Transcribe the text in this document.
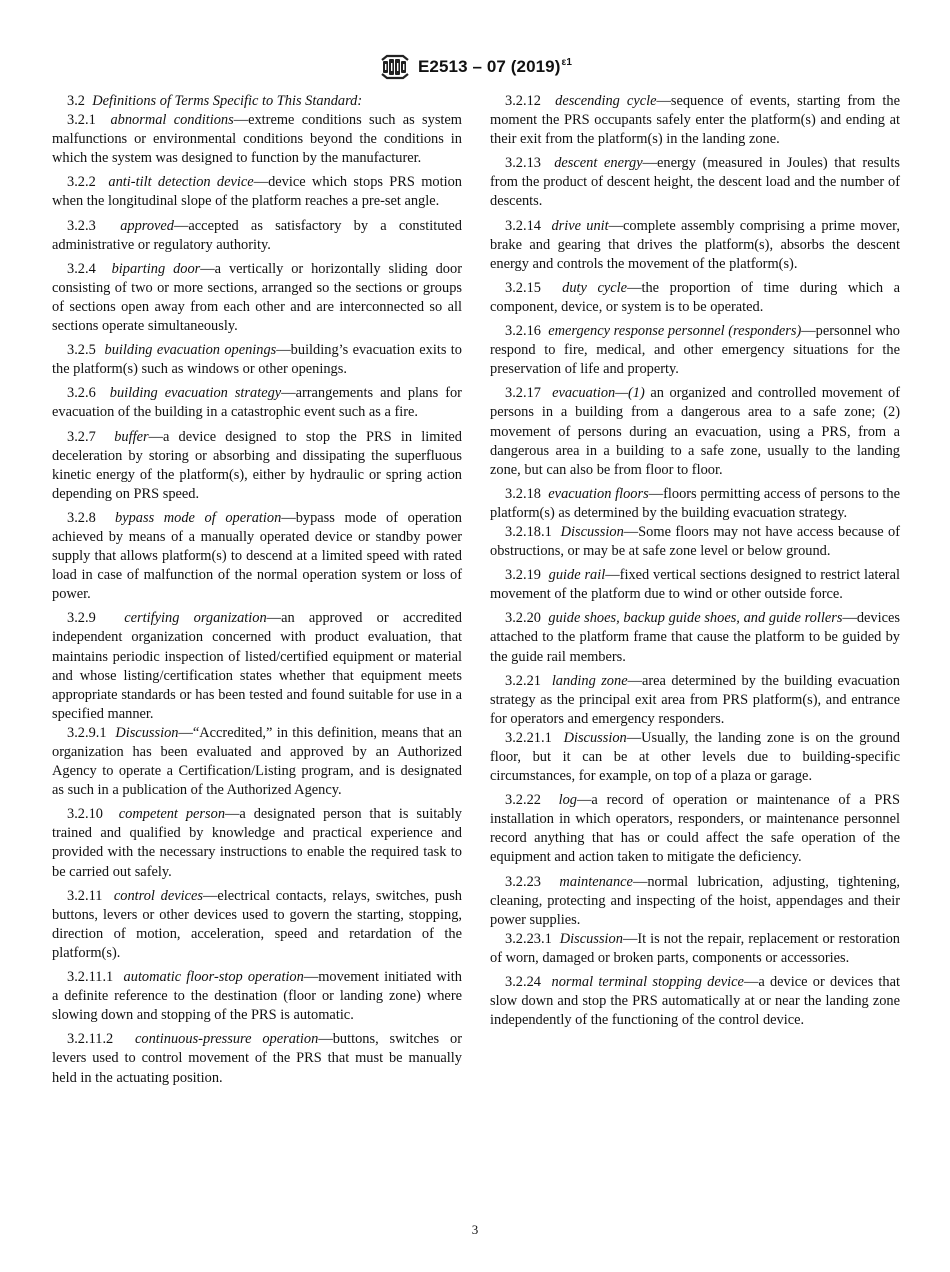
E2513 – 07 $(2019)^{\varepsilon 1}$

3.2 Definitions of Terms Specific to This Standard:

3.2.1 abnormal conditions—extreme conditions such as system malfunctions or environmental conditions beyond the conditions in which the system was designed to function by the manufacturer.

3.2.2 anti-tilt detection device—device which stops PRS motion when the longitudinal slope of the platform reaches a pre-set angle.

3.2.3 approved—accepted as satisfactory by a constituted administrative or regulatory authority.

3.2.4 biparting door—a vertically or horizontally sliding door consisting of two or more sections, arranged so the sections or groups of sections open away from each other and are interconnected so all sections operate simultaneously.

3.2.5 building evacuation openings—building’s evacuation exits to the platform(s) such as windows or other openings.

3.2.6 building evacuation strategy—arrangements and plans for evacuation of the building in a catastrophic event such as a fire.

3.2.7 buffer—a device designed to stop the PRS in limited deceleration by storing or absorbing and dissipating the superfluous kinetic energy of the platform(s), either by hydraulic or spring action depending on PRS speed.

3.2.8 bypass mode of operation—bypass mode of operation achieved by means of a manually operated device or standby power supply that allows platform(s) to descend at a limited speed with rated load in case of malfunction of the normal operation system or loss of power.

3.2.9 certifying organization—an approved or accredited independent organization concerned with product evaluation, that maintains periodic inspection of listed/certified equipment or material and whose listing/certification states whether that equipment meets appropriate standards or has been tested and found suitable for use in a specified manner.

3.2.9.1 Discussion—“Accredited,” in this definition, means that an organization has been evaluated and approved by an Authorized Agency to operate a Certification/Listing program, and is designated as such in a publication of the Authorized Agency.

3.2.10 competent person—a designated person that is suitably trained and qualified by knowledge and practical experience and provided with the necessary instructions to enable the required task to be carried out safely.

3.2.11 control devices—electrical contacts, relays, switches, push buttons, levers or other devices used to govern the starting, stopping, direction of motion, acceleration, speed and retardation of the platform(s).

3.2.11.1 automatic floor-stop operation—movement initiated with a definite reference to the destination (floor or landing zone) where slowing down and stopping of the PRS is automatic.

3.2.11.2 continuous-pressure operation—buttons, switches or levers used to control movement of the PRS that must be manually held in the actuating position.

3.2.12 descending cycle—sequence of events, starting from the moment the PRS occupants safely enter the platform(s) and ending at their exit from the platform(s) in the landing zone.

3.2.13 descent energy—energy (measured in Joules) that results from the product of descent height, the descent load and the number of descents.

3.2.14 drive unit—complete assembly comprising a prime mover, brake and gearing that drives the platform(s), absorbs the descent energy and controls the movement of the platform(s).

3.2.15 duty cycle—the proportion of time during which a component, device, or system is to be operated.

3.2.16 emergency response personnel (responders)—personnel who respond to fire, medical, and other emergency situations for the preservation of life and property.

3.2.17 evacuation—(1) an organized and controlled movement of persons in a building from a dangerous area to a safe zone; (2) movement of persons during an evacuation, using a PRS, from a dangerous area in a building to a safe zone, usually to the landing zone, but can also be from floor to floor.

3.2.18 evacuation floors—floors permitting access of persons to the platform(s) as determined by the building evacuation strategy.

3.2.18.1 Discussion—Some floors may not have access because of obstructions, or may be at safe zone level or below ground.

3.2.19 guide rail—fixed vertical sections designed to restrict lateral movement of the platform due to wind or other outside force.

3.2.20 guide shoes, backup guide shoes, and guide rollers—devices attached to the platform frame that cause the platform to be guided by the guide rail members.

3.2.21 landing zone—area determined by the building evacuation strategy as the principal exit area from PRS platform(s), and entrance for operators and emergency responders.

3.2.21.1 Discussion—Usually, the landing zone is on the ground floor, but it can be at other levels due to building-specific circumstances, for example, on top of a plaza or garage.

3.2.22 log—a record of operation or maintenance of a PRS installation in which operators, responders, or maintenance personnel record anything that has or could affect the safe operation of the equipment and action taken to mitigate the deficiency.

3.2.23 maintenance—normal lubrication, adjusting, tightening, cleaning, protecting and inspecting of the hoist, appendages and their power supplies.

3.2.23.1 Discussion—It is not the repair, replacement or restoration of worn, damaged or broken parts, components or accessories.

3.2.24 normal terminal stopping device—a device or devices that slow down and stop the PRS automatically at or near the landing zone independently of the functioning of the control device.

3
